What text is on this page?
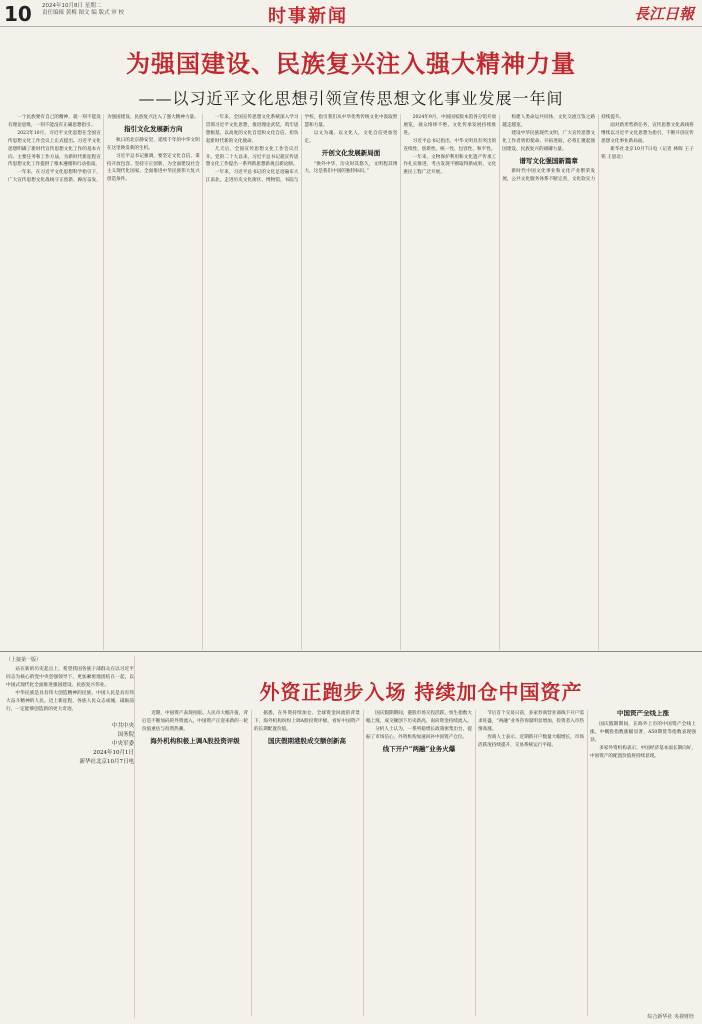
10 2024年10月8日 星期二
责任编辑 黄梅 图文 编 版式 审 校	时事新闻	長江日報
为强国建设、民族复兴注入强大精神力量
——以习近平文化思想引领宣传思想文化事业发展一年间

一个民族要有自己的精神，就一刻不能没有理论思维，一刻不能没有正确思想指引。

2023年10月，习近平文化思想在全国宣传思想文化工作会议上正式提出。习近平文化思想明确了新时代宣传思想文化工作的基本方向、主要任务和工作方法，为新时代新征程宣传思想文化工作提供了根本遵循和行动指南。

一年来，在习近平文化思想科学指引下，广大宣传思想文化战线守正创新、踔厉奋发，为强国建设、民族复兴注入了强大精神力量。

指引文化发展新方向

秋日的北京静安里，延续千年的中华文明在这里焕发新的生机。

习近平总书记强调，要坚定文化自信、秉持开放包容、坚持守正创新，为全面建设社会主义现代化国家、全面推进中华民族伟大复兴创造条件。

一年来，全国宣传思想文化系统深入学习贯彻习近平文化思想，推进理论武装，筑牢思想根基，以高度的文化自觉和文化自信，担负起新时代新的文化使命。

几天后，全国宣传思想文化工作会议召开。党的二十大以来，习近平总书记就宣传思想文化工作提出一系列新思想新观点新论断。

一年来，习近平总书记的文化足迹遍布大江南北，走进历史文化街区、博物馆、书院与学校，指引我们从中华优秀传统文化中汲取智慧和力量。

以文为魂、以文化人，文化自信更加坚定。

开创文化发展新局面

“换外中华，历史时其悠久，文明程其博大，这是我们中国的独特标识。”

2024年9月，中国国家版本馆各分馆开放展览，观众络绎不绝，文化传承发展持续推进。

习近平总书记指出，中华文明具有突出的连续性、创新性、统一性、包容性、和平性。

一年来，文物保护利用和文化遗产传承工作扎实推进，考古发现不断取得新成果，文化惠民工程广泛开展。

构建人类命运共同体，文化交流互鉴之路越走越宽。

建设中华民族现代文明，广大宣传思想文化工作者勇担使命、开拓进取，必将汇聚起强国建设、民族复兴的磅礴力量。

谱写文化强国新篇章

新时代中国文化事业和文化产业繁荣发展，公共文化服务体系不断完善，文化软实力持续提升。

面对新形势新任务，宣传思想文化战线将继续以习近平文化思想为指引，不断开创宣传思想文化事业新局面。

新华社北京10月7日电（记者 林晖 王子铭 王思北）

（上接第一版）

站在新的历史起点上，希望我国各族干部群众在以习近平同志为核心的党中央坚强领导下，更加紧密地团结在一起，以中国式现代化全面推进强国建设、民族复兴伟业。

中华民族是具有伟大创造精神的民族，中国人民是具有伟大奋斗精神的人民。迈上新征程，各族人民众志成城，砥砺前行，一定能够创造新的更大奇迹。

中共中央
国务院
中央军委
2024年10月1日
新华社北京10月7日电
外资正跑步入场 持续加仓中国资产

近期，中国资产表现亮眼。人民币大幅升值，背后是不断加码的外资流入，中国资产正迎来新的一轮价值重估与投资热潮。

海外机构积极上调A股投资评级

据悉，在外资持续加仓、全球资金回流的背景下，海外机构纷纷上调A股投资评级，看好中国资产的长期配置价值。

国庆假期港股成交额创新高

国庆假期期间，港股市场交投活跃，恒生指数大幅上涨，成交额创下历史新高，南向资金持续流入。

分析人士认为，一系列稳增长政策密集出台，提振了市场信心，外资机构加速回补中国资产仓位。

线下开户“两融”业务火爆

节后首个交易日前，多家券商营业部线下开户需求旺盛，“两融”业务咨询量明显增加，投资者入市热情高涨。

券商人士表示，近期新开户数量大幅增长，市场活跃度持续提升，交易系统运行平稳。

中国资产全线上涨

国庆假期期间，在海外上市的中国资产全线上涨，中概股指数涨幅显著，A50期货等指数表现强劲。

多家外资机构表示，中国经济基本面长期向好，中国资产的配置价值将持续显现。

综合新华社 央视财经
